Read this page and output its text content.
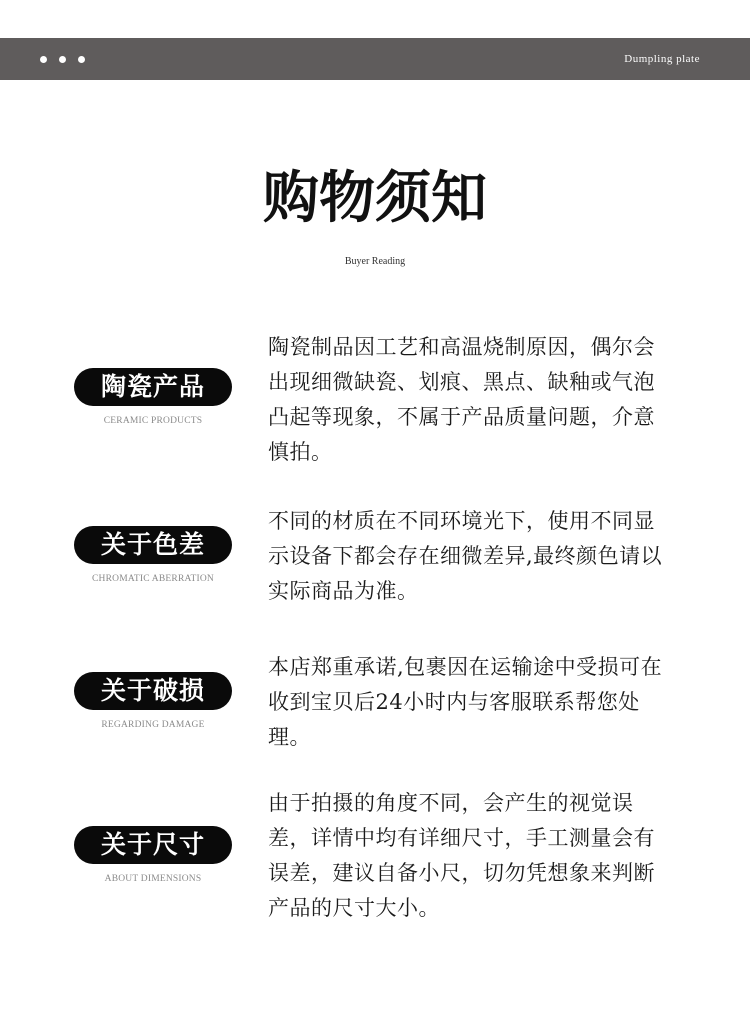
Dumpling plate
购物须知
Buyer Reading
陶瓷产品
CERAMIC PRODUCTS
陶瓷制品因工艺和高温烧制原因，偶尔会出现细微缺瓷、划痕、黑点、缺釉或气泡凸起等现象，不属于产品质量问题，介意慎拍。
关于色差
CHROMATIC ABERRATION
不同的材质在不同环境光下，使用不同显示设备下都会存在细微差异,最终颜色请以实际商品为准。
关于破损
REGARDING DAMAGE
本店郑重承诺,包裹因在运输途中受损可在收到宝贝后24小时内与客服联系帮您处理。
关于尺寸
ABOUT DIMENSIONS
由于拍摄的角度不同，会产生的视觉误差，详情中均有详细尺寸，手工测量会有误差，建议自备小尺，切勿凭想象来判断产品的尺寸大小。
